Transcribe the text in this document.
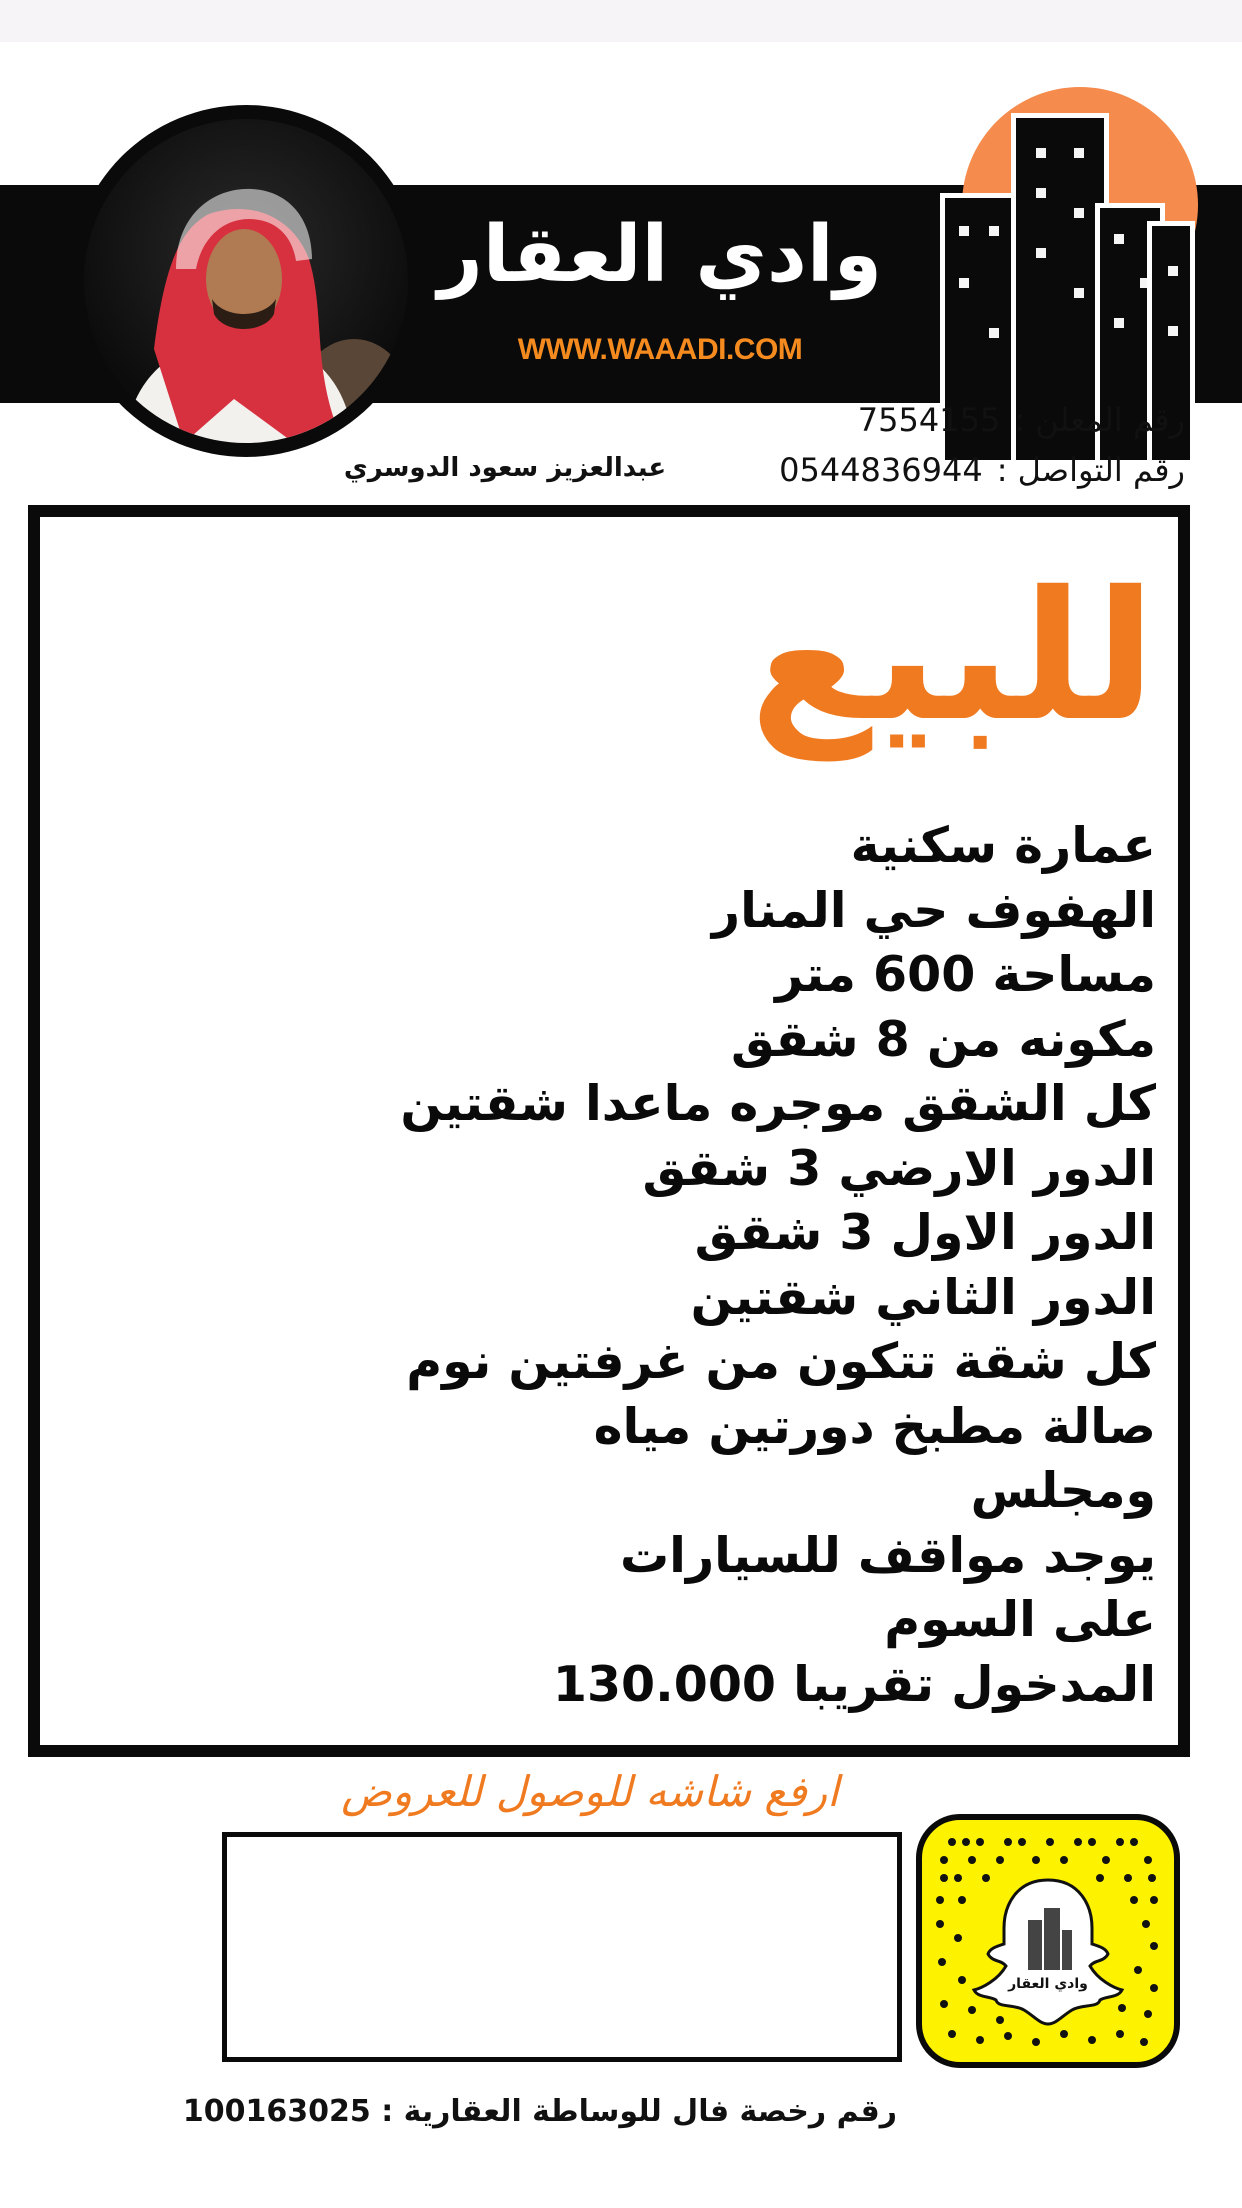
وادي العقار
WWW.WAAADI.COM
رقم المعلن :7554155
رقم التواصل :0544836944
عبدالعزيز سعود الدوسري
للبيع
عمارة سكنية
الهفوف حي المنار
مساحة 600 متر
مكونه من 8 شقق
كل الشقق موجره ماعدا شقتين
الدور الارضي 3 شقق
الدور الاول 3 شقق
الدور الثاني شقتين
كل شقة تتكون من غرفتين نوم
صالة مطبخ دورتين مياه
ومجلس
يوجد مواقف للسيارات
على السوم
المدخول تقريبا 130.000
ارفع شاشه للوصول للعروض
وادي العقار
رقم رخصة فال للوساطة العقارية : 100163025
